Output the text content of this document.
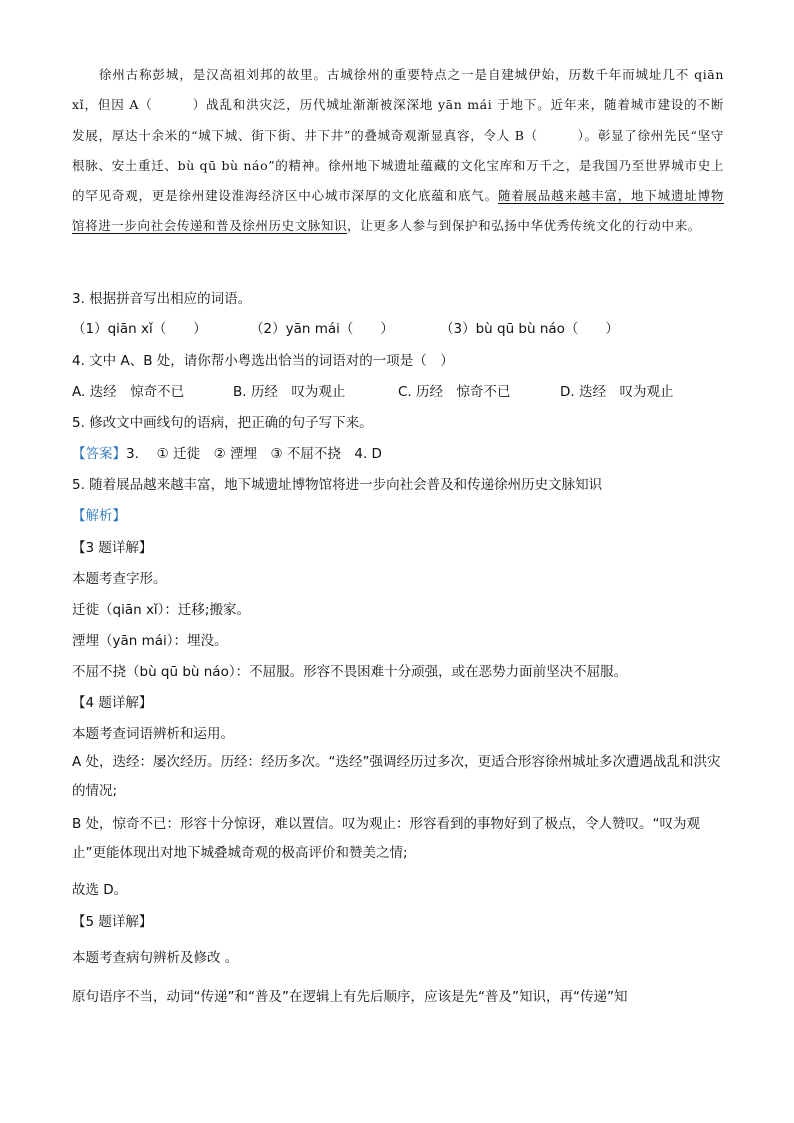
　　徐州古称彭城，是汉高祖刘邦的故里。古城徐州的重要特点之一是自建城伊始，历数千年而城址几不 qiān xǐ，但因 A（　　　）战乱和洪灾泛，历代城址渐渐被深深地 yān mái 于地下。近年来，随着城市建设的不断发展，厚达十余米的“城下城、街下街、井下井”的叠城奇观渐显真容，令人 B（　　　）。彰显了徐州先民“坚守根脉、安土重迁、bù qū bù náo”的精神。徐州地下城遗址蕴藏的文化宝库和万千之，是我国乃至世界城市史上的罕见奇观，更是徐州建设淮海经济区中心城市深厚的文化底蕴和底气。随着展品越来越丰富，地下城遗址博物馆将进一步向社会传递和普及徐州历史文脉知识，让更多人参与到保护和弘扬中华优秀传统文化的行动中来。

3. 根据拼音写出相应的词语。
（1）qiān xǐ（　　）	（2）yān mái（　　）	（3）bù qū bù náo（　　）
4. 文中 A、B 处，请你帮小粤选出恰当的词语对的一项是（　）
A. 迭经　惊奇不已	B. 历经　叹为观止	C. 历经　惊奇不已	D. 迭经　叹为观止
5. 修改文中画线句的语病，把正确的句子写下来。
【答案】3. 　① 迁徙　② 湮埋　③ 不屈不挠　4. D
5. 随着展品越来越丰富，地下城遗址博物馆将进一步向社会普及和传递徐州历史文脉知识
【解析】
【3 题详解】
本题考查字形。
迁徙（qiān xǐ）：迁移;搬家。
湮埋（yān mái）：埋没。
不屈不挠（bù qū bù náo）：不屈服。形容不畏困难十分顽强，或在恶势力面前坚决不屈服。
【4 题详解】
本题考查词语辨析和运用。

A 处，迭经：屡次经历。历经：经历多次。“迭经”强调经历过多次，更适合形容徐州城址多次遭遇战乱和洪灾的情况;

B 处，惊奇不已：形容十分惊讶，难以置信。叹为观止：形容看到的事物好到了极点，令人赞叹。“叹为观止”更能体现出对地下城叠城奇观的极高评价和赞美之情;

故选 D。
【5 题详解】
本题考查病句辨析及修改 。
原句语序不当，动词“传递”和“普及”在逻辑上有先后顺序，应该是先“普及”知识，再“传递”知
